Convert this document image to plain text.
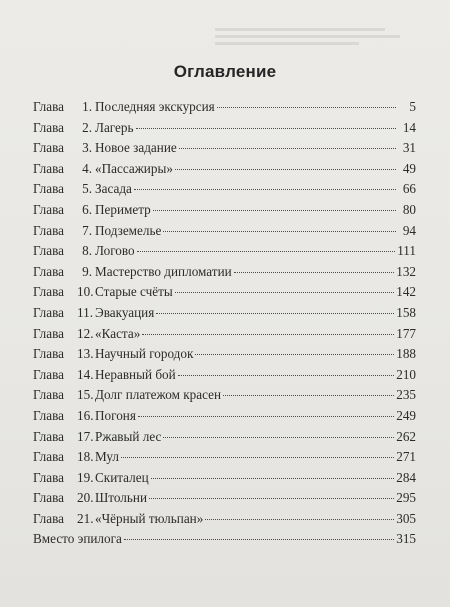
Оглавление
Глава 1. Последняя экскурсия	5
Глава 2. Лагерь	14
Глава 3. Новое задание	31
Глава 4. «Пассажиры»	49
Глава 5. Засада	66
Глава 6. Периметр	80
Глава 7. Подземелье	94
Глава 8. Логово	111
Глава 9. Мастерство дипломатии	132
Глава 10. Старые счёты	142
Глава 11. Эвакуация	158
Глава 12. «Каста»	177
Глава 13. Научный городок	188
Глава 14. Неравный бой	210
Глава 15. Долг платежом красен	235
Глава 16. Погоня	249
Глава 17. Ржавый лес	262
Глава 18. Мул	271
Глава 19. Скиталец	284
Глава 20. Штольни	295
Глава 21. «Чёрный тюльпан»	305
Вместо эпилога	315
